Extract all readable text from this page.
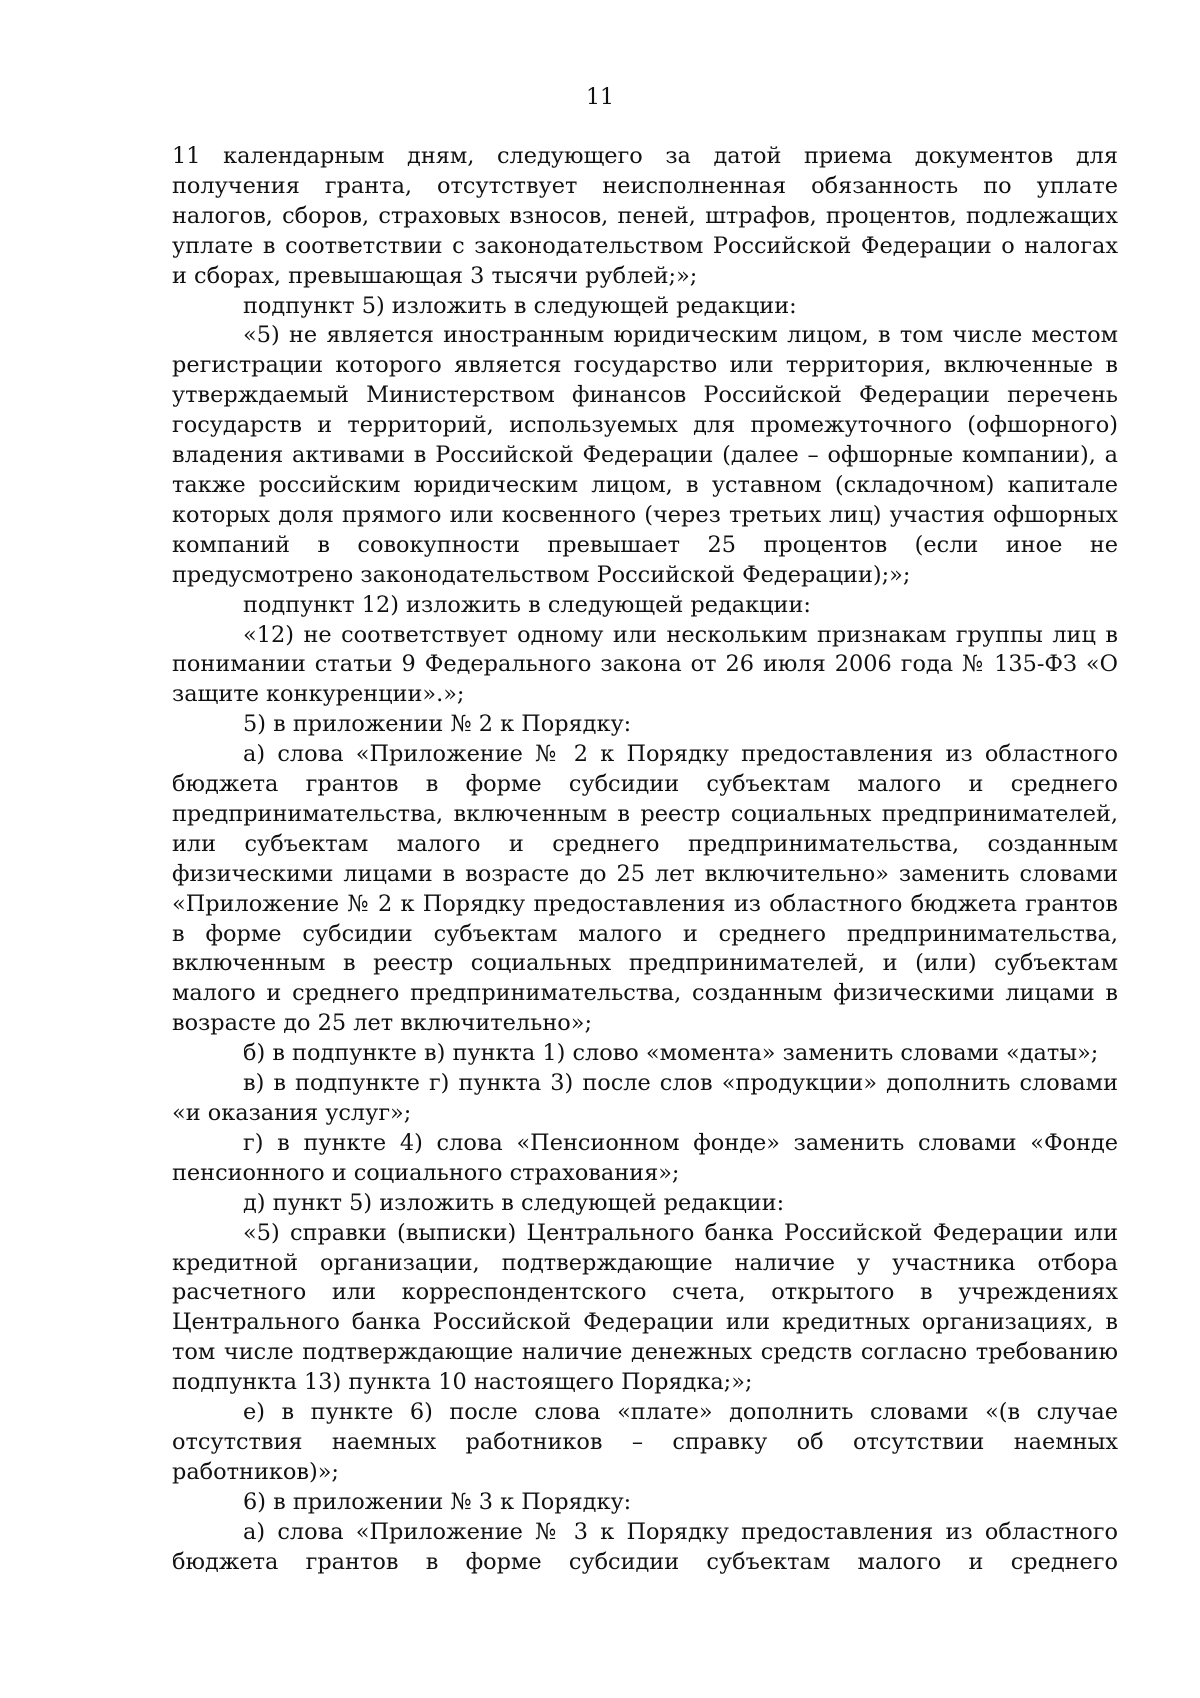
11

11 календарным дням, следующего за датой приема документов для получения гранта, отсутствует неисполненная обязанность по уплате налогов, сборов, страховых взносов, пеней, штрафов, процентов, подлежащих уплате в соответствии с законодательством Российской Федерации о налогах и сборах, превышающая 3 тысячи рублей;»;

подпункт 5) изложить в следующей редакции:

«5) не является иностранным юридическим лицом, в том числе местом регистрации которого является государство или территория, включенные в утверждаемый Министерством финансов Российской Федерации перечень государств и территорий, используемых для промежуточного (офшорного) владения активами в Российской Федерации (далее – офшорные компании), а также российским юридическим лицом, в уставном (складочном) капитале которых доля прямого или косвенного (через третьих лиц) участия офшорных компаний в совокупности превышает 25 процентов (если иное не предусмотрено законодательством Российской Федерации);»;

подпункт 12) изложить в следующей редакции:

«12) не соответствует одному или нескольким признакам группы лиц в понимании статьи 9 Федерального закона от 26 июля 2006 года № 135-ФЗ «О защите конкуренции».»;

5) в приложении № 2 к Порядку:

а) слова «Приложение № 2 к Порядку предоставления из областного бюджета грантов в форме субсидии субъектам малого и среднего предпринимательства, включенным в реестр социальных предпринимателей, или субъектам малого и среднего предпринимательства, созданным физическими лицами в возрасте до 25 лет включительно» заменить словами «Приложение № 2 к Порядку предоставления из областного бюджета грантов в форме субсидии субъектам малого и среднего предпринимательства, включенным в реестр социальных предпринимателей, и (или) субъектам малого и среднего предпринимательства, созданным физическими лицами в возрасте до 25 лет включительно»;

б) в подпункте в) пункта 1) слово «момента» заменить словами «даты»;

в) в подпункте г) пункта 3) после слов «продукции» дополнить словами «и оказания услуг»;

г) в пункте 4) слова «Пенсионном фонде» заменить словами «Фонде пенсионного и социального страхования»;

д) пункт 5) изложить в следующей редакции:

«5) справки (выписки) Центрального банка Российской Федерации или кредитной организации, подтверждающие наличие у участника отбора расчетного или корреспондентского счета, открытого в учреждениях Центрального банка Российской Федерации или кредитных организациях, в том числе подтверждающие наличие денежных средств согласно требованию подпункта 13) пункта 10 настоящего Порядка;»;

е) в пункте 6) после слова «плате» дополнить словами «(в случае отсутствия наемных работников – справку об отсутствии наемных работников)»;

6) в приложении № 3 к Порядку:

а) слова «Приложение № 3 к Порядку предоставления из областного бюджета грантов в форме субсидии субъектам малого и среднего
